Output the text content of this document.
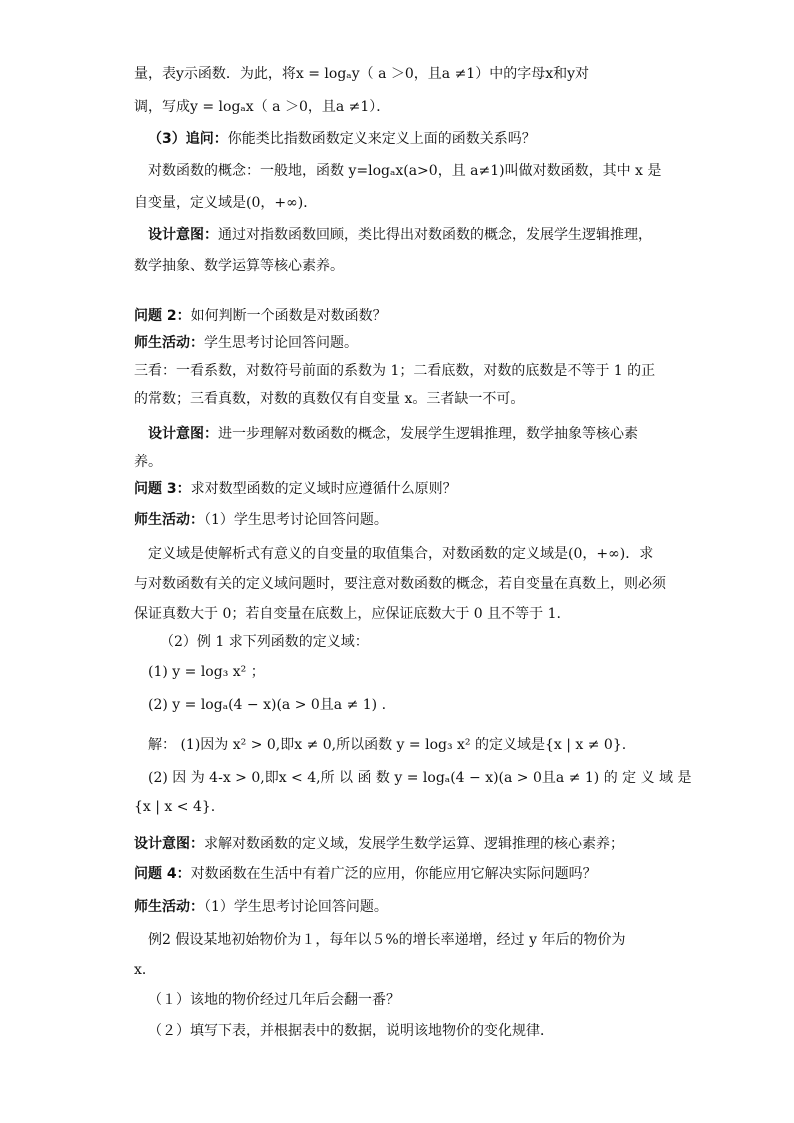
量，表y示函数．为此，将x = logₐy（ a ＞0，且a ≠1）中的字母x和y对
调，写成y = logₐx（ a ＞0，且a ≠1）．
（3）追问：你能类比指数函数定义来定义上面的函数关系吗？
对数函数的概念：一般地，函数 y=logₐx(a>0，且 a≠1)叫做对数函数，其中 x 是
自变量，定义域是(0，+∞)．
设计意图：通过对指数函数回顾，类比得出对数函数的概念，发展学生逻辑推理，
数学抽象、数学运算等核心素养。
问题 2：如何判断一个函数是对数函数？
师生活动：学生思考讨论回答问题。
三看：一看系数，对数符号前面的系数为 1；二看底数，对数的底数是不等于 1 的正
的常数；三看真数，对数的真数仅有自变量 x。三者缺一不可。
设计意图：进一步理解对数函数的概念，发展学生逻辑推理，数学抽象等核心素
养。
问题 3：求对数型函数的定义域时应遵循什么原则？
师生活动：（1）学生思考讨论回答问题。
定义域是使解析式有意义的自变量的取值集合，对数函数的定义域是(0，+∞)．求
与对数函数有关的定义域问题时，要注意对数函数的概念，若自变量在真数上，则必须
保证真数大于 0；若自变量在底数上，应保证底数大于 0 且不等于 1.
（2）例 1 求下列函数的定义域：
(1) y = log₃ x² ；
(2) y = logₐ(4 − x)(a > 0且a ≠ 1) .
解： (1)因为 x² > 0,即x ≠ 0,所以函数 y = log₃ x² 的定义域是{x | x ≠ 0}.
(2) 因 为 4-x > 0,即x < 4,所 以 函 数 y = logₐ(4 − x)(a > 0且a ≠ 1) 的 定 义 域 是
{x | x < 4}.
设计意图：求解对数函数的定义域，发展学生数学运算、逻辑推理的核心素养；
问题 4：对数函数在生活中有着广泛的应用，你能应用它解决实际问题吗？
师生活动：（1）学生思考讨论回答问题。
例2 假设某地初始物价为１，每年以５%的增长率递增，经过 y 年后的物价为
x．
（１）该地的物价经过几年后会翻一番？
（２）填写下表，并根据表中的数据，说明该地物价的变化规律．
